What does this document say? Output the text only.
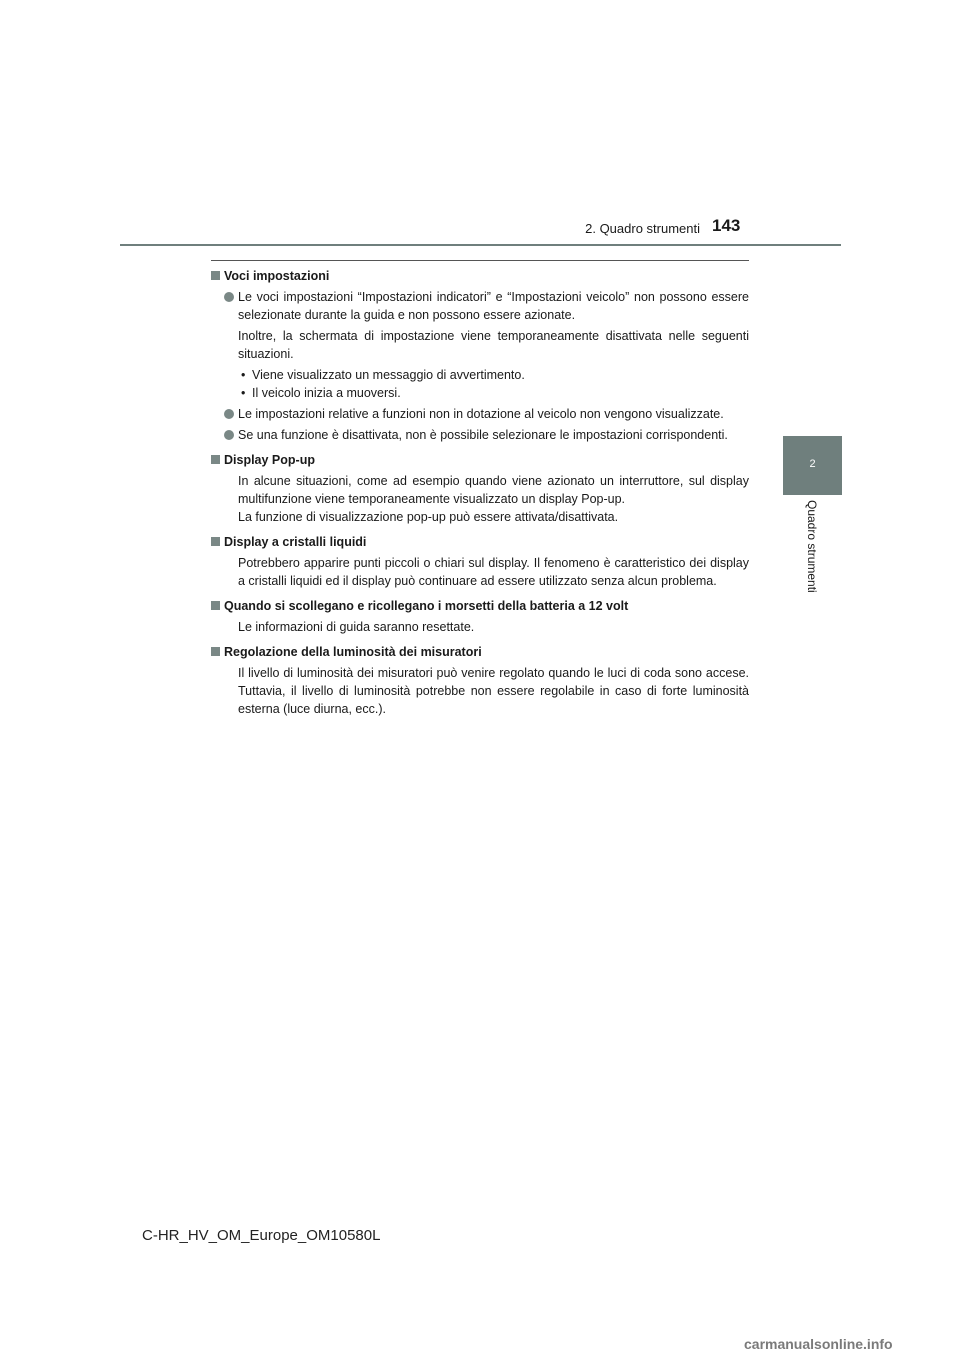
2. Quadro strumenti 143
2
Quadro strumenti
Voci impostazioni
Le voci impostazioni “Impostazioni indicatori” e “Impostazioni veicolo” non possono essere selezionate durante la guida e non possono essere azionate.
Inoltre, la schermata di impostazione viene temporaneamente disattivata nelle seguenti situazioni.
• Viene visualizzato un messaggio di avvertimento.
• Il veicolo inizia a muoversi.
Le impostazioni relative a funzioni non in dotazione al veicolo non vengono visualizzate.
Se una funzione è disattivata, non è possibile selezionare le impostazioni corrispondenti.
Display Pop-up
In alcune situazioni, come ad esempio quando viene azionato un interruttore, sul display multifunzione viene temporaneamente visualizzato un display Pop-up.
La funzione di visualizzazione pop-up può essere attivata/disattivata.
Display a cristalli liquidi
Potrebbero apparire punti piccoli o chiari sul display. Il fenomeno è caratteristico dei display a cristalli liquidi ed il display può continuare ad essere utilizzato senza alcun problema.
Quando si scollegano e ricollegano i morsetti della batteria a 12 volt
Le informazioni di guida saranno resettate.
Regolazione della luminosità dei misuratori
Il livello di luminosità dei misuratori può venire regolato quando le luci di coda sono accese. Tuttavia, il livello di luminosità potrebbe non essere regolabile in caso di forte luminosità esterna (luce diurna, ecc.).
C-HR_HV_OM_Europe_OM10580L
carmanualsonline.info
